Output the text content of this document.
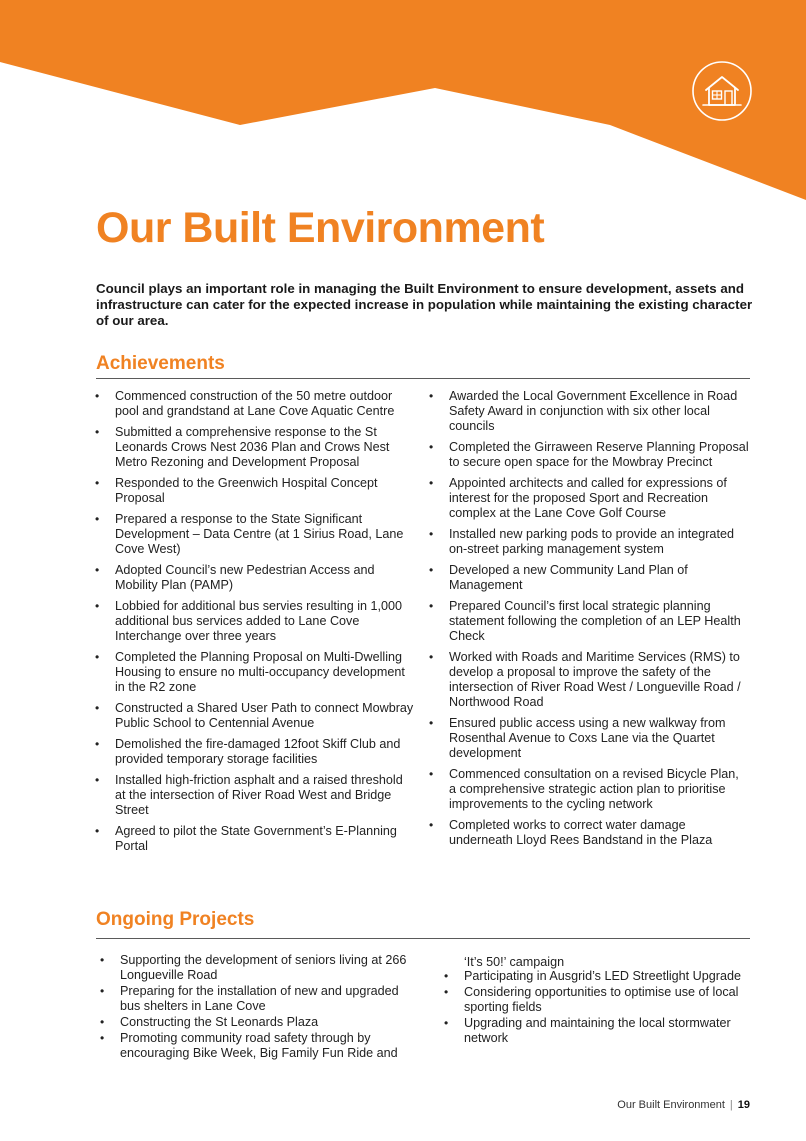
Our Built Environment

Council plays an important role in managing the Built Environment to ensure development, assets and infrastructure can cater for the expected increase in population while maintaining the existing character of our area.

Achievements
• Commenced construction of the 50 metre outdoor pool and grandstand at Lane Cove Aquatic Centre
• Submitted a comprehensive response to the St Leonards Crows Nest 2036 Plan and Crows Nest Metro Rezoning and Development Proposal
• Responded to the Greenwich Hospital Concept Proposal
• Prepared a response to the State Significant Development – Data Centre (at 1 Sirius Road, Lane Cove West)
• Adopted Council’s new Pedestrian Access and Mobility Plan (PAMP)
• Lobbied for additional bus servies resulting in 1,000 additional bus services added to Lane Cove Interchange over three years
• Completed the Planning Proposal on Multi-Dwelling Housing to ensure no multi-occupancy development in the R2 zone
• Constructed a Shared User Path to connect Mowbray Public School to Centennial Avenue
• Demolished the fire-damaged 12foot Skiff Club and provided temporary storage facilities
• Installed high-friction asphalt and a raised threshold at the intersection of River Road West and Bridge Street
• Agreed to pilot the State Government’s E-Planning Portal
• Awarded the Local Government Excellence in Road Safety Award in conjunction with six other local councils
• Completed the Girraween Reserve Planning Proposal to secure open space for the Mowbray Precinct
• Appointed architects and called for expressions of interest for the proposed Sport and Recreation complex at the Lane Cove Golf Course
• Installed new parking pods to provide an integrated on-street parking management system
• Developed a new Community Land Plan of Management
• Prepared Council’s first local strategic planning statement following the completion of an LEP Health Check
• Worked with Roads and Maritime Services (RMS) to develop a proposal to improve the safety of the intersection of River Road West / Longueville Road / Northwood Road
• Ensured public access using a new walkway from Rosenthal Avenue to Coxs Lane via the Quartet development
• Commenced consultation on a revised Bicycle Plan, a comprehensive strategic action plan to prioritise improvements to the cycling network
• Completed works to correct water damage underneath Lloyd Rees Bandstand in the Plaza
Ongoing Projects
• Supporting the development of seniors living at 266 Longueville Road
• Preparing for the installation of new and upgraded bus shelters in Lane Cove
• Constructing the St Leonards Plaza
• Promoting community road safety through by encouraging Bike Week, Big Family Fun Ride and

‘It’s 50!’ campaign

• Participating in Ausgrid’s LED Streetlight Upgrade
• Considering opportunities to optimise use of local sporting fields
• Upgrading and maintaining the local stormwater network
Our Built Environment | 19
